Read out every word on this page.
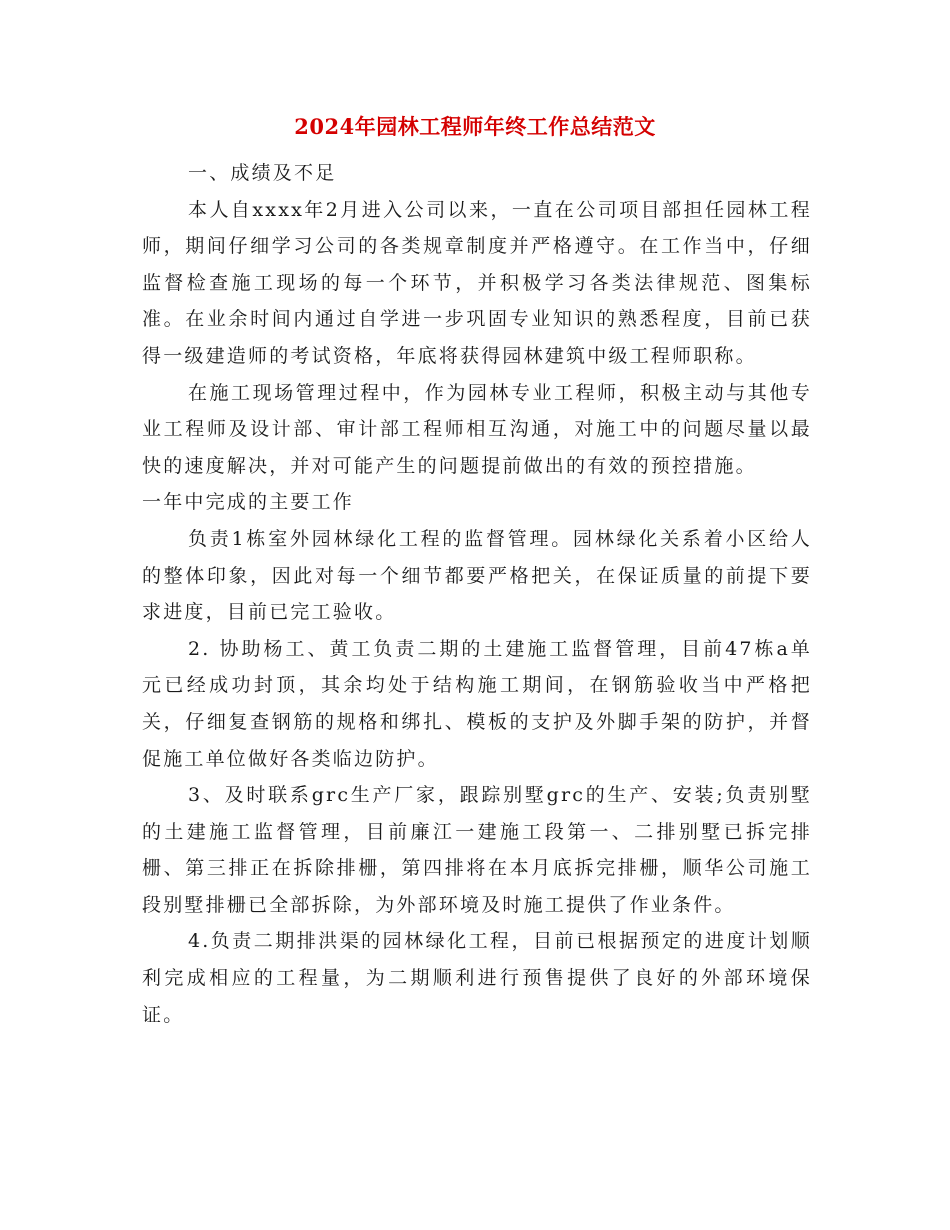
2024年园林工程师年终工作总结范文

一、成绩及不足

本人自xxxx年2月进入公司以来，一直在公司项目部担任园林工程师，期间仔细学习公司的各类规章制度并严格遵守。在工作当中，仔细监督检查施工现场的每一个环节，并积极学习各类法律规范、图集标准。在业余时间内通过自学进一步巩固专业知识的熟悉程度，目前已获得一级建造师的考试资格，年底将获得园林建筑中级工程师职称。

在施工现场管理过程中，作为园林专业工程师，积极主动与其他专业工程师及设计部、审计部工程师相互沟通，对施工中的问题尽量以最快的速度解决，并对可能产生的问题提前做出的有效的预控措施。

一年中完成的主要工作

负责1栋室外园林绿化工程的监督管理。园林绿化关系着小区给人的整体印象，因此对每一个细节都要严格把关，在保证质量的前提下要求进度，目前已完工验收。

2. 协助杨工、黄工负责二期的土建施工监督管理，目前47栋a单元已经成功封顶，其余均处于结构施工期间，在钢筋验收当中严格把关，仔细复查钢筋的规格和绑扎、模板的支护及外脚手架的防护，并督促施工单位做好各类临边防护。

3、及时联系grc生产厂家，跟踪别墅grc的生产、安装;负责别墅的土建施工监督管理，目前廉江一建施工段第一、二排别墅已拆完排栅、第三排正在拆除排栅，第四排将在本月底拆完排栅，顺华公司施工段别墅排栅已全部拆除，为外部环境及时施工提供了作业条件。

4.负责二期排洪渠的园林绿化工程，目前已根据预定的进度计划顺利完成相应的工程量，为二期顺利进行预售提供了良好的外部环境保证。
